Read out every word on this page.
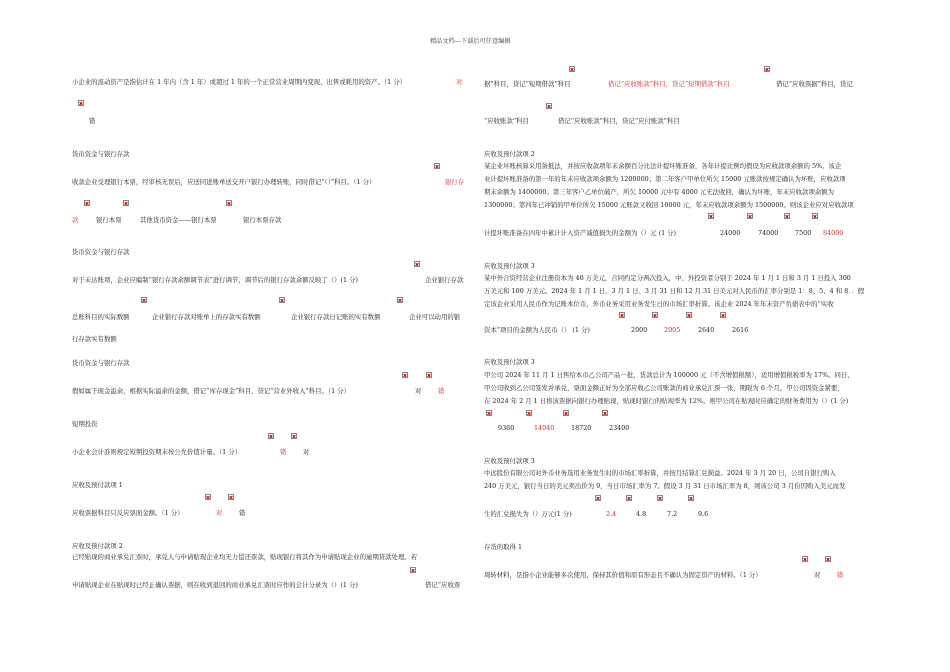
精品文档---下载后可任意编辑
小企业的流动资产是指估计在 1 年内（含 1 年）或超过 1 年的一个正常营业周期内变现、出售或耗用的资产。（1 分）	对
错
货币资金与银行存款
收款企业受理银行本票，经审核无误后，应送同进账单送交开户银行办理转账，同时借记“（）”科目。（1 分）	银行存
款	银行本票	其他货币资金——银行本票	银行本票存款
货币资金与银行存款
对于未达账项，企业应编制“银行存款余额调节表”进行调节，调节后的银行存款余额反映了（）(1 分)	企业银行存款
总账科目的实际数额	企业银行存款对账单上的存款实有数额	企业银行存款日记账的实有数额	企业可以动用的银
行存款实有数额
货币资金与银行存款
假如属于现金溢余，根据实际溢余的金额，借记“库存现金”科目，贷记“营业外收入”科目。（1 分）	对	错
短期投资
小企业会计准则规定短期投资期末按公允价值计量。（1 分）	错	对
应收及预付款项 1
应收票据科目只反应票面金额。（1 分）	对	错
应收及预付款项 2
已经贴现的商业承兑汇票时，承兑人与申请贴现企业均无力偿还票款，贴现银行将其作为申请贴现企业的逾期贷款处理。若
申请贴现企业在贴现时已经止确认票据，则在收到退回的商业承兑汇票时应作的会计分录为（）(1 分)	借记“应收票
据”科目，贷记“短期借款”科目	借记“应收账款”科目，贷记“短期借款”科目	借记“应收票据”科目，贷记
“应收账款”科目	借记“应收账款”科目，贷记“应付账款”科目
应收及预付款项 2
某企业坏账核算采用备抵法，并按应收款项年末余额百分比法计提坏账准备，各年计提比例均假设为应收款项余额的 5%。该企
业计提坏账准备的第一年的年末应收款项余额为 1200000；第二年客户甲单位所欠 15000 元账款按规定确认为坏账，应收款项
期末余额为 1400000；第三年客户乙单位破产，所欠 10000 元中有 4000 元无法收回，确认为坏账，年末应收款项余额为
1300000；第四年已冲销的甲单位所欠 15000 元账款又收回 10000 元，年末应收款项余额为 1500000。则该企业应对应收款项
计提坏账准备在四年中累计计入资产减值损失的金额为（）元 (1 分)	24000	74000	7500 84000
应收及预付款项 3
某中外合资经营企业注册资本为 40 万美元，合同约定分两次投入，中、外投资者分别于 2024 年 1 月 1 日和 3 月 1 日投入 300
万美元和 100 万美元。2024 年 1 月 1 日、3 月 1 日、3 月 31 日和 12 月 31 日美元对人民币的汇率分别是 1：8、5、4 和 8．．假
定该企业采用人民币作为记账本位币，外币业务采用业务发生日的市场汇率折算。该企业 2024 年年末资产负债表中的“实收
资本”项目的金额为人民币（） (1 分)	2000	2005	2640	2616
应收及预付款项 3
甲公司 2024 年 11 月 1 日售给本市乙公司产品一批，货款总计为 100000 元（不含增值税额），适用增值税税率为 17%。同日，
甲公司收到乙公司签发并承兑，票面金额正好为全部应收乙公司账款的商业承兑汇票一张，期限为 6 个月。甲公司因资金紧要，
在 2024 年 2 月 1 日将该票据向银行办理贴现，贴现时银行的贴现率为 12%。则甲公司在贴现时应确定的财务费用为（）(1 分)
9360	14040	18720	23400
应收及预付款项 3
中远股份有限公司对外币业务选用业务发生时的市场汇率折算，并按月结算汇兑损益。2024 年 3 月 20 日，公司自银行购入
240 万美元，银行当日的美元卖出价为 9，当日市场汇率为 7。假设 3 月 31 日市场汇率为 8，则该公司 3 月份因购入美元而发
生的汇兑损失为（）万元(1 分)	2.4	4.8	7.2	9.6
存货的取得 1
周转材料，是指小企业能够多次使用、保持其价值和原有形态且不确认为固定资产的材料。（1 分）	对	错
